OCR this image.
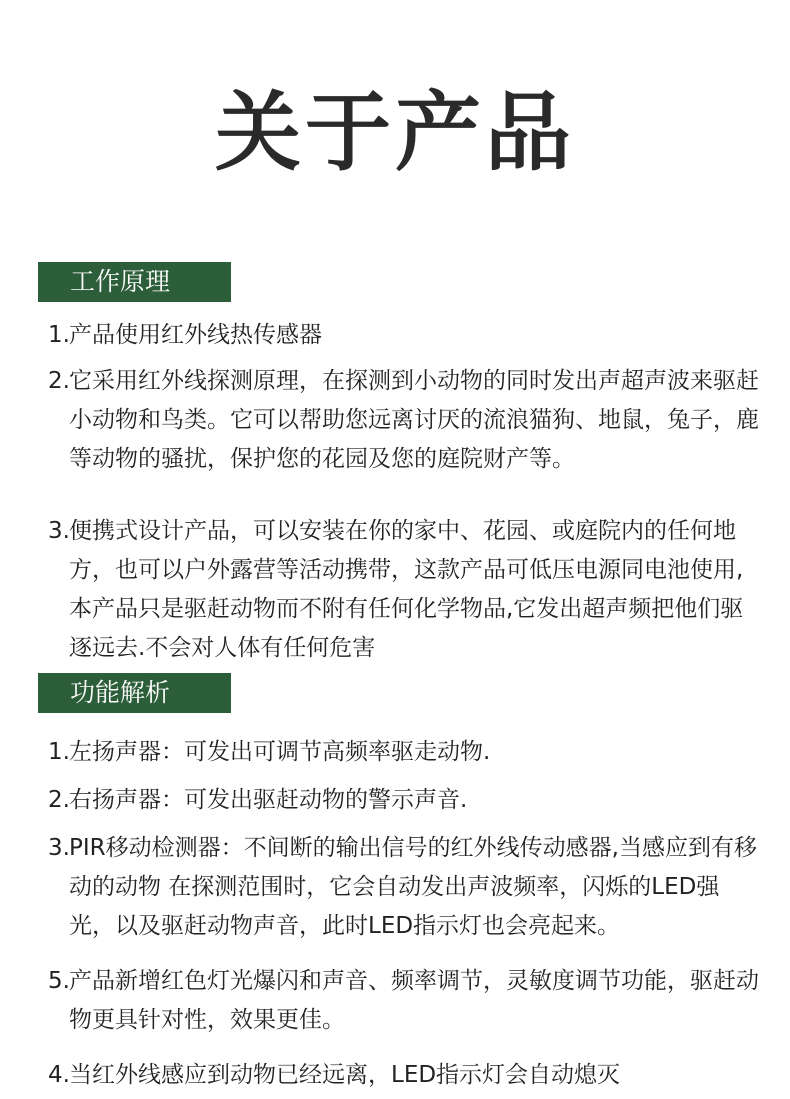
关于产品
工作原理
1. 产品使用红外线热传感器
2. 它采用红外线探测原理，在探测到小动物的同时发出声超声波来驱赶小动物和鸟类。它可以帮助您远离讨厌的流浪猫狗、地鼠，兔子，鹿等动物的骚扰，保护您的花园及您的庭院财产等。
3. 便携式设计产品，可以安装在你的家中、花园、或庭院内的任何地方，也可以户外露营等活动携带，这款产品可低压电源同电池使用,本产品只是驱赶动物而不附有任何化学物品,它发出超声频把他们驱逐远去.不会对人体有任何危害
功能解析
1. 左扬声器：可发出可调节高频率驱走动物.
2. 右扬声器：可发出驱赶动物的警示声音.
3. PIR移动检测器：不间断的输出信号的红外线传动感器,当感应到有移动的动物 在探测范围时，它会自动发出声波频率，闪烁的LED强光，以及驱赶动物声音，此时LED指示灯也会亮起来。
5. 产品新增红色灯光爆闪和声音、频率调节，灵敏度调节功能，驱赶动物更具针对性，效果更佳。
4. 当红外线感应到动物已经远离，LED指示灯会自动熄灭
